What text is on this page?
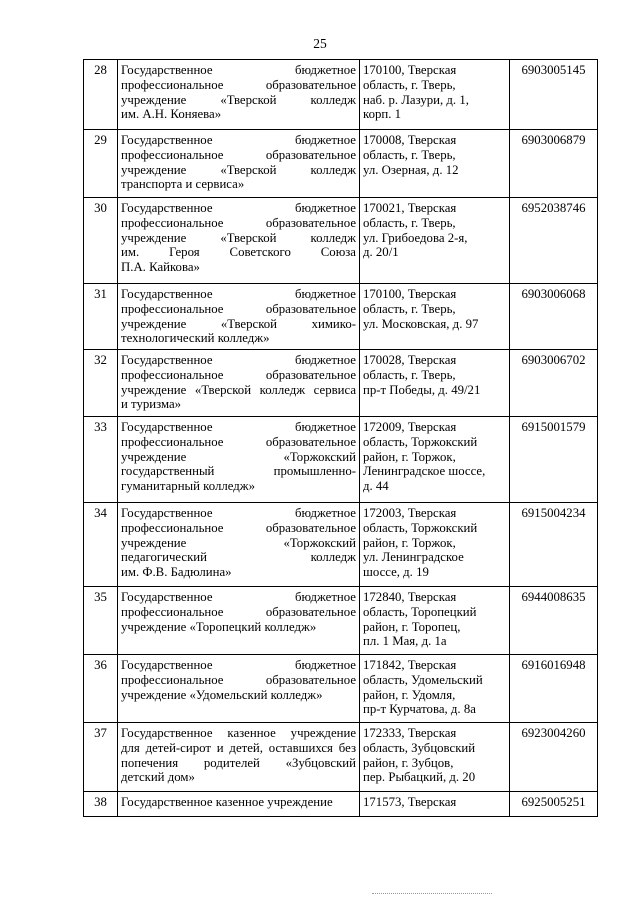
25
28	Государственное бюджетное
профессиональное образовательное
учреждение «Тверской колледж
им. А.Н. Коняева»	170100, Тверская
область, г. Тверь,
наб. р. Лазури, д. 1,
корп. 1	6903005145
29	Государственное бюджетное
профессиональное образовательное
учреждение «Тверской колледж
транспорта и сервиса»	170008, Тверская
область, г. Тверь,
ул. Озерная, д. 12	6903006879
30	Государственное бюджетное
профессиональное образовательное
учреждение «Тверской колледж
им. Героя Советского Союза
П.А. Кайкова»	170021, Тверская
область, г. Тверь,
ул. Грибоедова 2-я,
д. 20/1	6952038746
31	Государственное бюджетное
профессиональное образовательное
учреждение «Тверской химико-
технологический колледж»	170100, Тверская
область, г. Тверь,
ул. Московская, д. 97	6903006068
32	Государственное бюджетное
профессиональное образовательное
учреждение «Тверской колледж сервиса
и туризма»	170028, Тверская
область, г. Тверь,
пр-т Победы, д. 49/21	6903006702
33	Государственное бюджетное
профессиональное образовательное
учреждение «Торжокский
государственный промышленно-
гуманитарный колледж»	172009, Тверская
область, Торжокский
район, г. Торжок,
Ленинградское шоссе,
д. 44	6915001579
34	Государственное бюджетное
профессиональное образовательное
учреждение «Торжокский
педагогический колледж
им. Ф.В. Бадюлина»	172003, Тверская
область, Торжокский
район, г. Торжок,
ул. Ленинградское
шоссе, д. 19	6915004234
35	Государственное бюджетное
профессиональное образовательное
учреждение «Торопецкий колледж»	172840, Тверская
область, Торопецкий
район, г. Торопец,
пл. 1 Мая, д. 1а	6944008635
36	Государственное бюджетное
профессиональное образовательное
учреждение «Удомельский колледж»	171842, Тверская
область, Удомельский
район, г. Удомля,
пр-т Курчатова, д. 8а	6916016948
37	Государственное казенное учреждение
для детей-сирот и детей, оставшихся без
попечения родителей «Зубцовский
детский дом»	172333, Тверская
область, Зубцовский
район, г. Зубцов,
пер. Рыбацкий, д. 20	6923004260
38	Государственное казенное учреждение	171573, Тверская	6925005251
